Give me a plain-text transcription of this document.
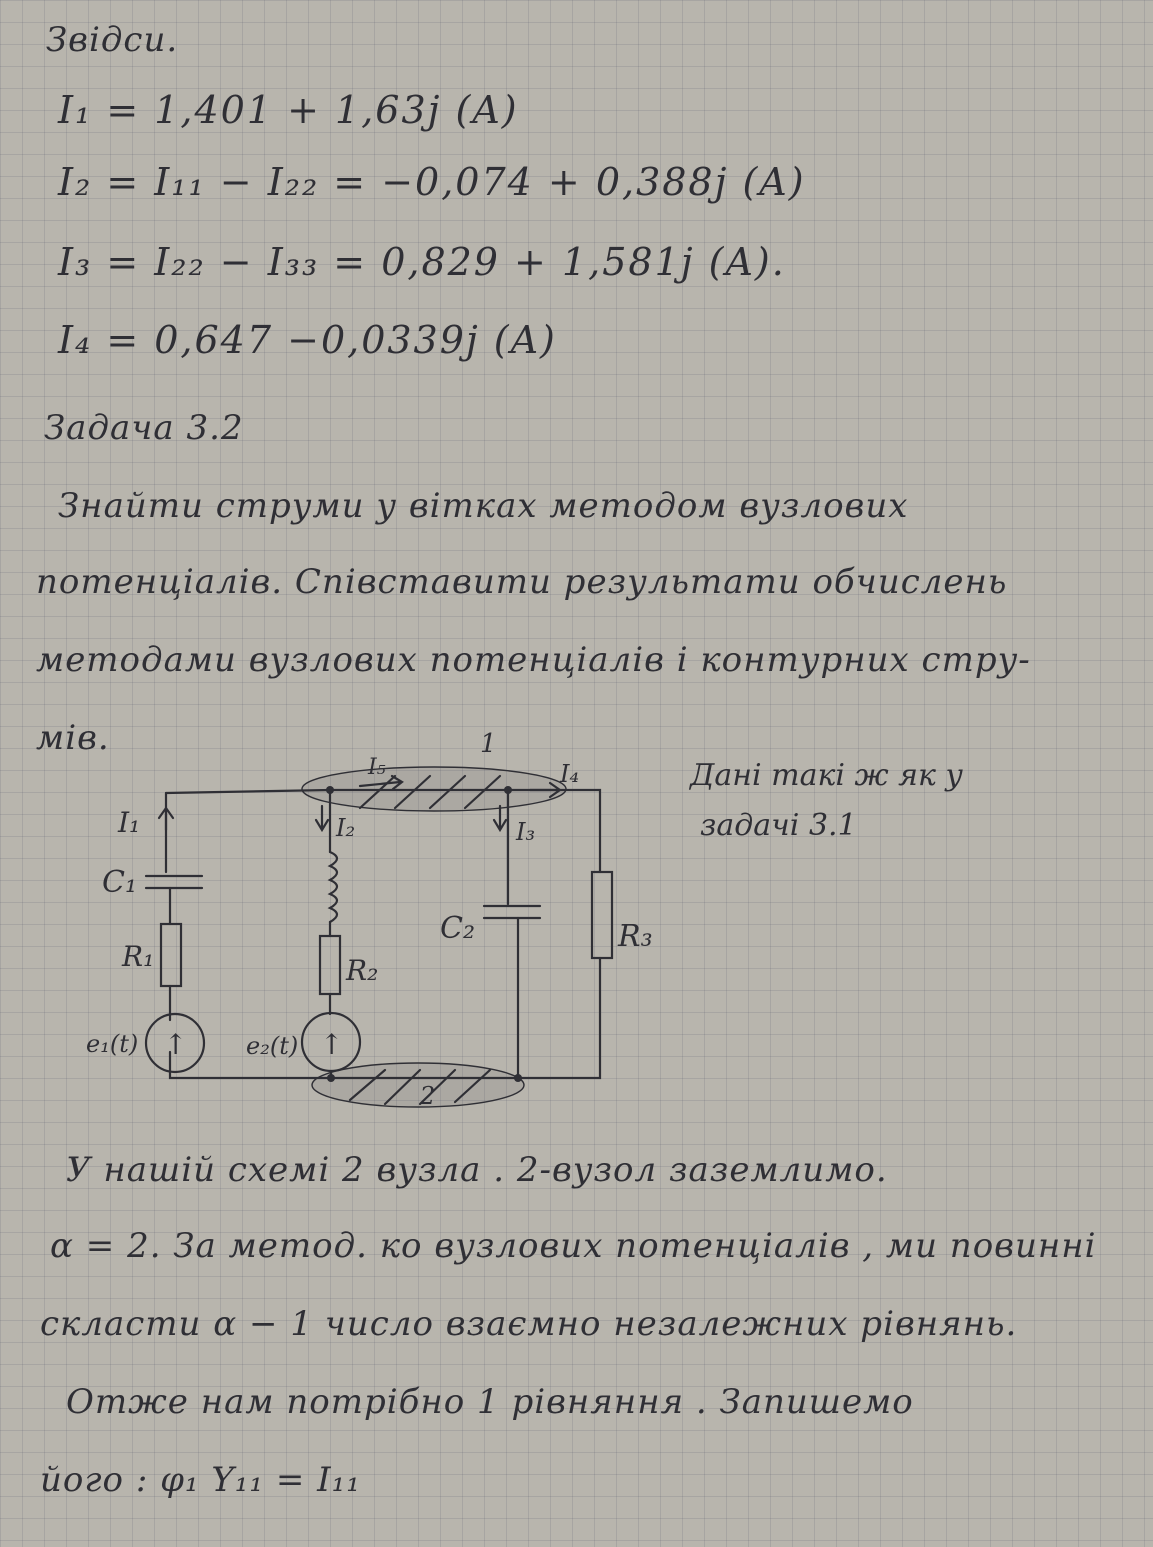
Звідси.
I₁ = 1,401 + 1,63j (A)
I₂ = I₁₁ − I₂₂ = −0,074 + 0,388j (A)
I₃ = I₂₂ − I₃₃ = 0,829 + 1,581j (A).
I₄ = 0,647 −0,0339j (A)
Задача 3.2
Знайти струми у вітках методом вузлових
потенціалів. Співставити результати обчислень
методами вузлових потенціалів і контурних стру-
мів.
Дані такі ж як у
задачі 3.1
1
2
I₁	I₂	I₃
I₄
I₅
C₁
C₂
R₁	R₂
R₃
e₁(t)	e₂(t)
↑	↑
У нашій схемі 2 вузла . 2-вузол заземлимо.
α = 2. За метод. ко вузлових потенціалів , ми повинні
скласти α − 1 число взаємно незалежних рівнянь.
Отже нам потрібно 1 рівняння . Запишемо
його : φ₁ Y₁₁ = I₁₁
